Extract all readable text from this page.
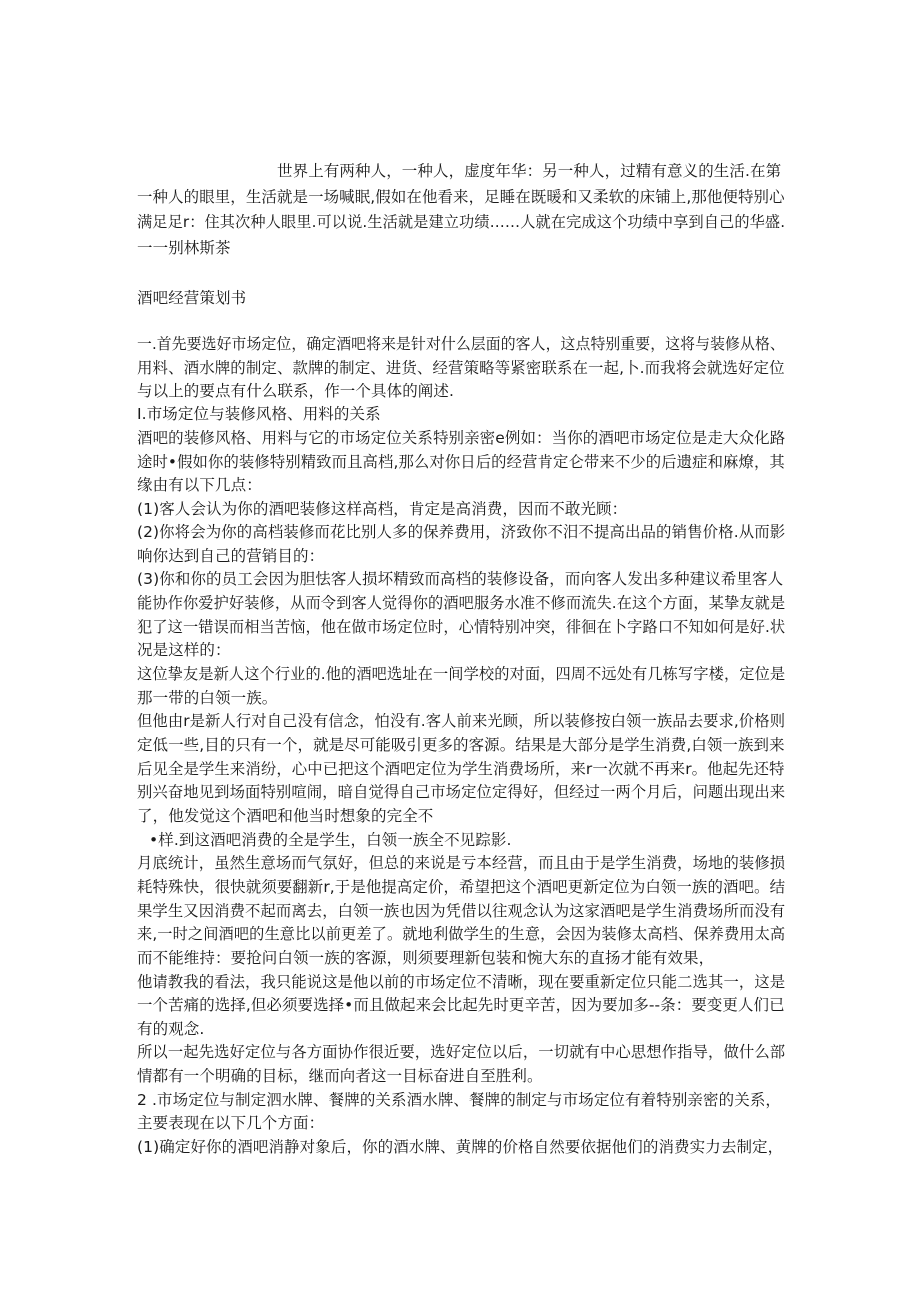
世界上有两种人，一种人，虚度年华：另一种人，过精有意义的生活.在第
一种人的眼里，生活就是一场喊眠,假如在他看来，足睡在既暖和又柔软的床铺上,那他便特别心
满足足r：住其次种人眼里.可以说.生活就是建立功绩……人就在完成这个功绩中享到自己的华盛.
一一别林斯茶
酒吧经营策划书
一.首先要选好市场定位，确定酒吧将来是针对什么层面的客人，这点特别重要，这将与装修从格、
用料、酒水牌的制定、款牌的制定、进货、经营策略等紧密联系在一起,卜.而我将会就选好定位
与以上的要点有什么联系，作一个具体的阐述.
I.市场定位与装修风格、用料的关系
酒吧的装修风格、用料与它的市场定位关系特别亲密e例如：当你的酒吧市场定位是走大众化路
途时•假如你的装修特别精致而且高档,那么对你日后的经营肯定仑带来不少的后遗症和麻燎，其
缘由有以下几点：
(1)客人会认为你的酒吧装修这样高档，肯定是高消费，因而不敢光顾：
(2)你将会为你的高档装修而花比别人多的保养费用，济致你不汨不提高出品的销售价格.从而影
响你达到自己的营销目的：
(3)你和你的员工会因为胆怯客人损坏精致而高档的装修设备，而向客人发出多种建议希里客人
能协作你爱护好装修，从而令到客人觉得你的酒吧服务水准不修而流失.在这个方面，某挚友就是
犯了这一错误而相当苦恼，他在做市场定位时，心情特别冲突，徘徊在卜字路口不知如何是好.状
况是这样的：
这位挚友是新人这个行业的.他的酒吧选址在一间学校的对面，四周不远处有几栋写字楼，定位是
那一带的白领一族。
但他由r是新人行对自己没有信念，怕没有.客人前来光顾，所以装修按白领一族品去要求,价格则
定低一些,目的只有一个，就是尽可能吸引更多的客源。结果是大部分是学生消费,白领一族到来
后见全是学生来消纷，心中已把这个酒吧定位为学生消费场所，来r一次就不再来r。他起先还特
别兴奋地见到场面特别喧闹，暗自觉得自己市场定位定得好，但经过一两个月后，问题出现出来
了，他发觉这个酒吧和他当时想象的完全不
•样.到这酒吧消费的全是学生，白领一族全不见踪影.
月底统计，虽然生意场而气氛好，但总的来说是亏本经营，而且由于是学生消费，场地的装修损
耗特殊快，很快就须要翻新r,于是他提高定价，希望把这个酒吧更新定位为白领一族的酒吧。结
果学生又因消费不起而离去，白领一族也因为凭借以往观念认为这家酒吧是学生消费场所而没有
来,一时之间酒吧的生意比以前更差了。就地利做学生的生意，会因为装修太高档、保养费用太高
而不能维持：要抢问白领一族的客源，则须要理新包装和惋大东的直扬才能有效果，
他请教我的看法，我只能说这是他以前的市场定位不清晰，现在要重新定位只能二选其一，这是
一个苦痛的选择,但必须要选择•而且做起来会比起先时更辛苦，因为要加多--条：要变更人们已
有的观念.
所以一起先选好定位与各方面协作很近要，选好定位以后，一切就有中心思想作指导，做什么部
情都有一个明确的目标，继而向者这一目标奋进自至胜利。
2 .市场定位与制定泗水牌、餐牌的关系酒水牌、餐牌的制定与市场定位有着特别亲密的关系，
主要表现在以下几个方面：
(1)确定好你的酒吧消静对象后，你的酒水牌、黄牌的价格自然要依据他们的消费实力去制定，
